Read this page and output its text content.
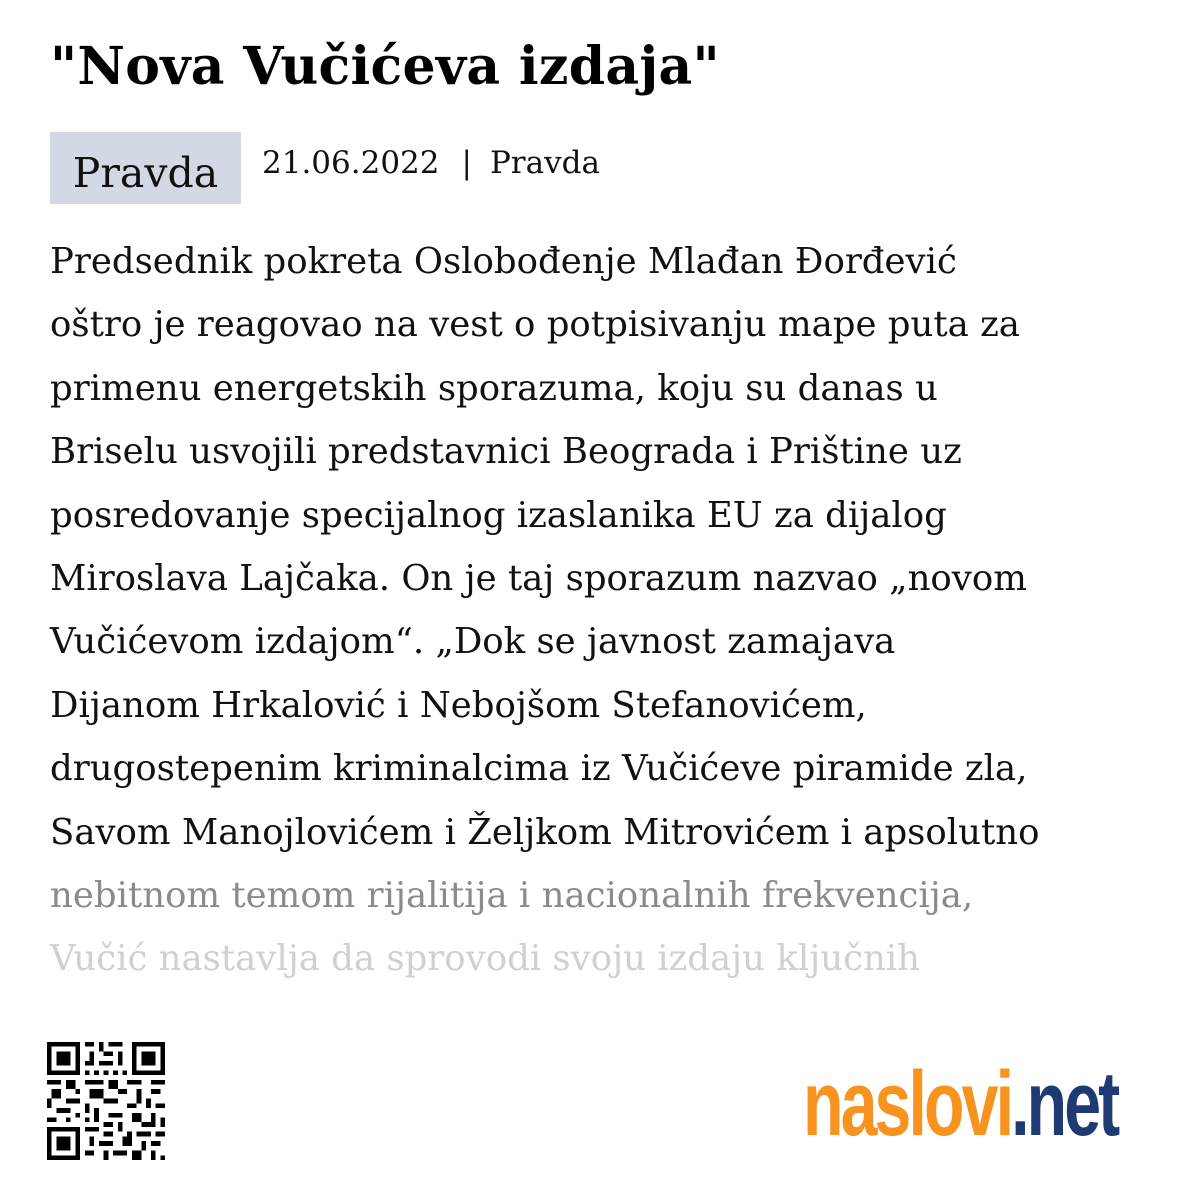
"Nova Vučićeva izdaja"
Pravda	21.06.2022 | Pravda
Predsednik pokreta Oslobođenje Mlađan Đorđević
oštro je reagovao na vest o potpisivanju mape puta za
primenu energetskih sporazuma, koju su danas u
Briselu usvojili predstavnici Beograda i Prištine uz
posredovanje specijalnog izaslanika EU za dijalog
Miroslava Lajčaka. On je taj sporazum nazvao „novom
Vučićevom izdajom“. „Dok se javnost zamajava
Dijanom Hrkalović i Nebojšom Stefanovićem,
drugostepenim kriminalcima iz Vučićeve piramide zla,
Savom Manojlovićem i Željkom Mitrovićem i apsolutno
nebitnom temom rijalitija i nacionalnih frekvencija,
Vučić nastavlja da sprovodi svoju izdaju ključnih
naslovi.net
